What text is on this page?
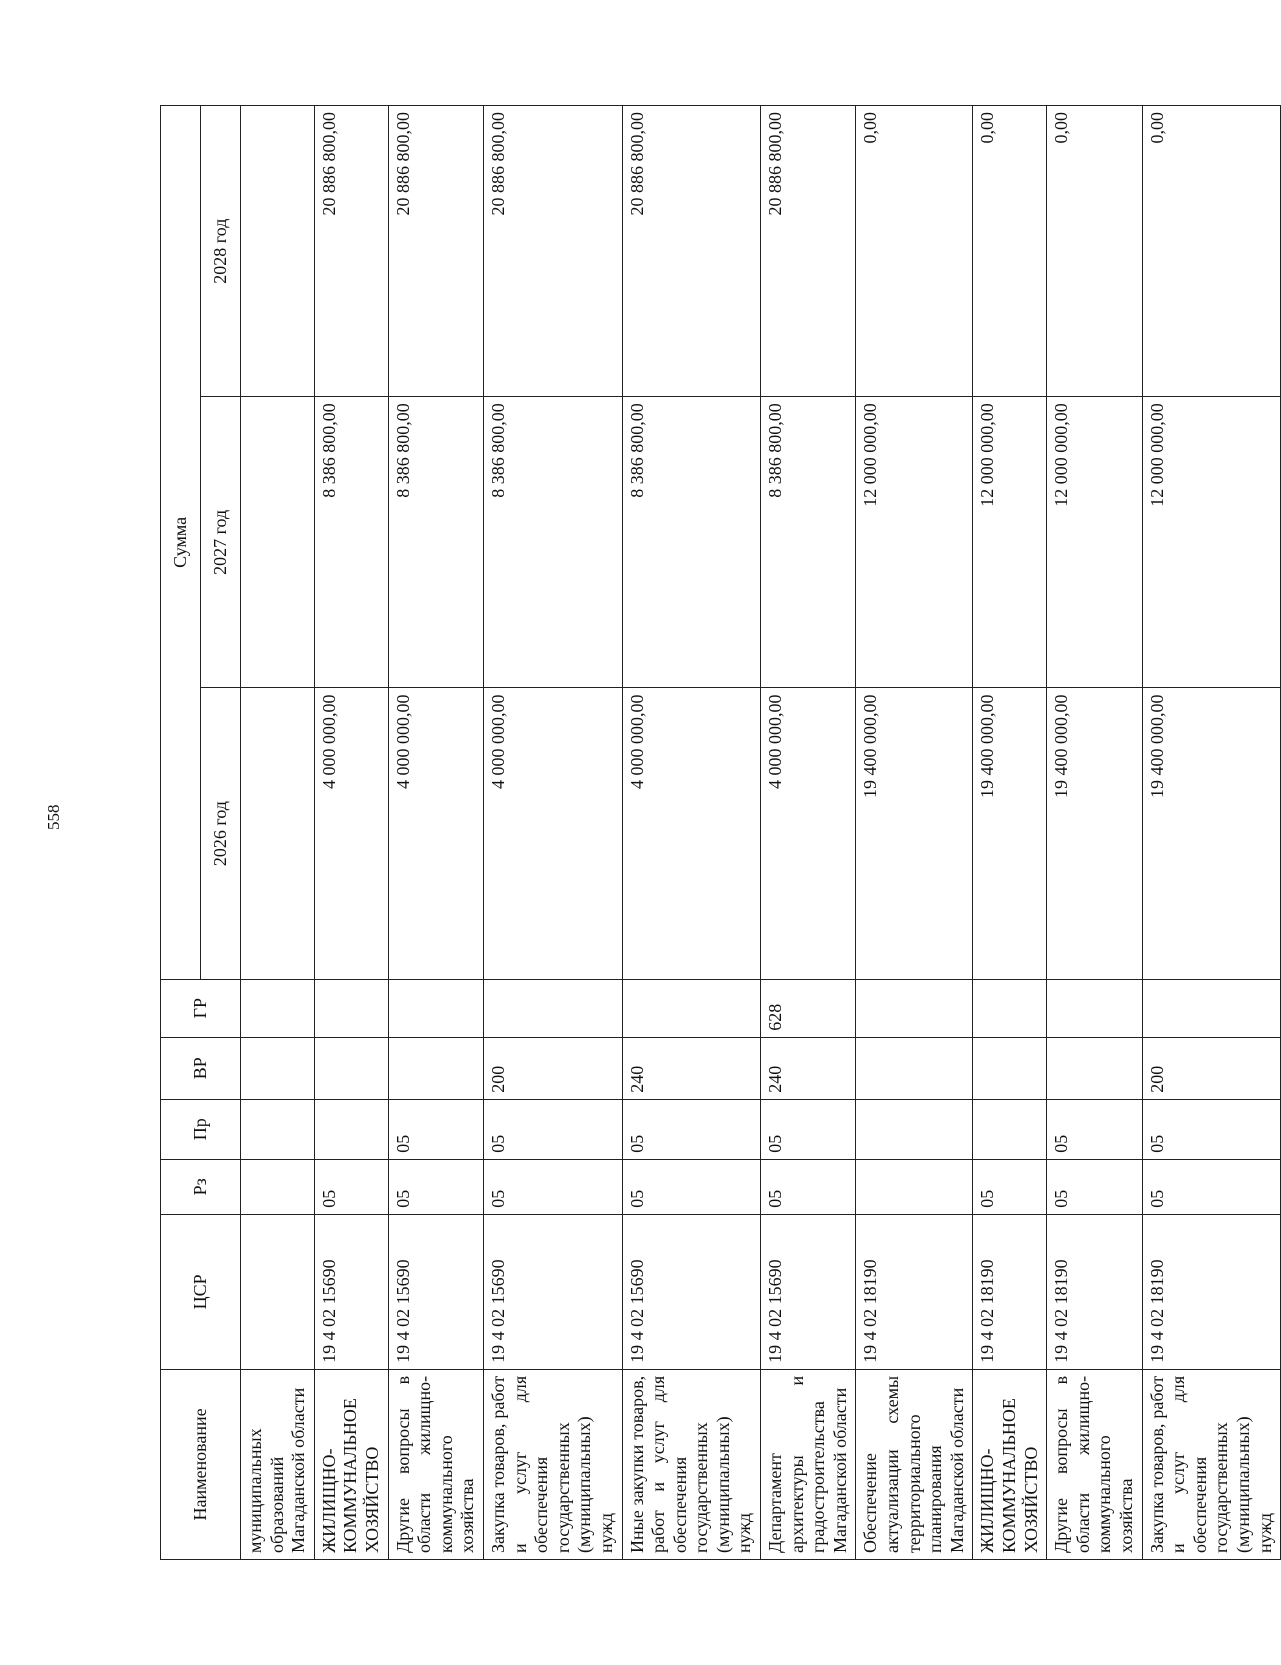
558
Наименование	ЦСР	Рз	Пр	ВР	ГР	Сумма		
						2026 год	2027 год	2028 год
муниципальных образований Магаданской области								
ЖИЛИЩНО-КОММУНАЛЬНОЕ ХОЗЯЙСТВО	19 4 02 15690	05				4 000 000,00	8 386 800,00	20 886 800,00
Другие вопросы в области жилищно-коммунального хозяйства	19 4 02 15690	05	05			4 000 000,00	8 386 800,00	20 886 800,00
Закупка товаров, работ и услуг для обеспечения государственных (муниципальных) нужд	19 4 02 15690	05	05	200		4 000 000,00	8 386 800,00	20 886 800,00
Иные закупки товаров, работ и услуг для обеспечения государственных (муниципальных) нужд	19 4 02 15690	05	05	240		4 000 000,00	8 386 800,00	20 886 800,00
Департамент архитектуры и градостроительства Магаданской области	19 4 02 15690	05	05	240	628	4 000 000,00	8 386 800,00	20 886 800,00
Обеспечение актуализации схемы территориального планирования Магаданской области	19 4 02 18190					19 400 000,00	12 000 000,00	0,00
ЖИЛИЩНО-КОММУНАЛЬНОЕ ХОЗЯЙСТВО	19 4 02 18190	05				19 400 000,00	12 000 000,00	0,00
Другие вопросы в области жилищно-коммунального хозяйства	19 4 02 18190	05	05			19 400 000,00	12 000 000,00	0,00
Закупка товаров, работ и услуг для обеспечения государственных (муниципальных) нужд	19 4 02 18190	05	05	200		19 400 000,00	12 000 000,00	0,00
